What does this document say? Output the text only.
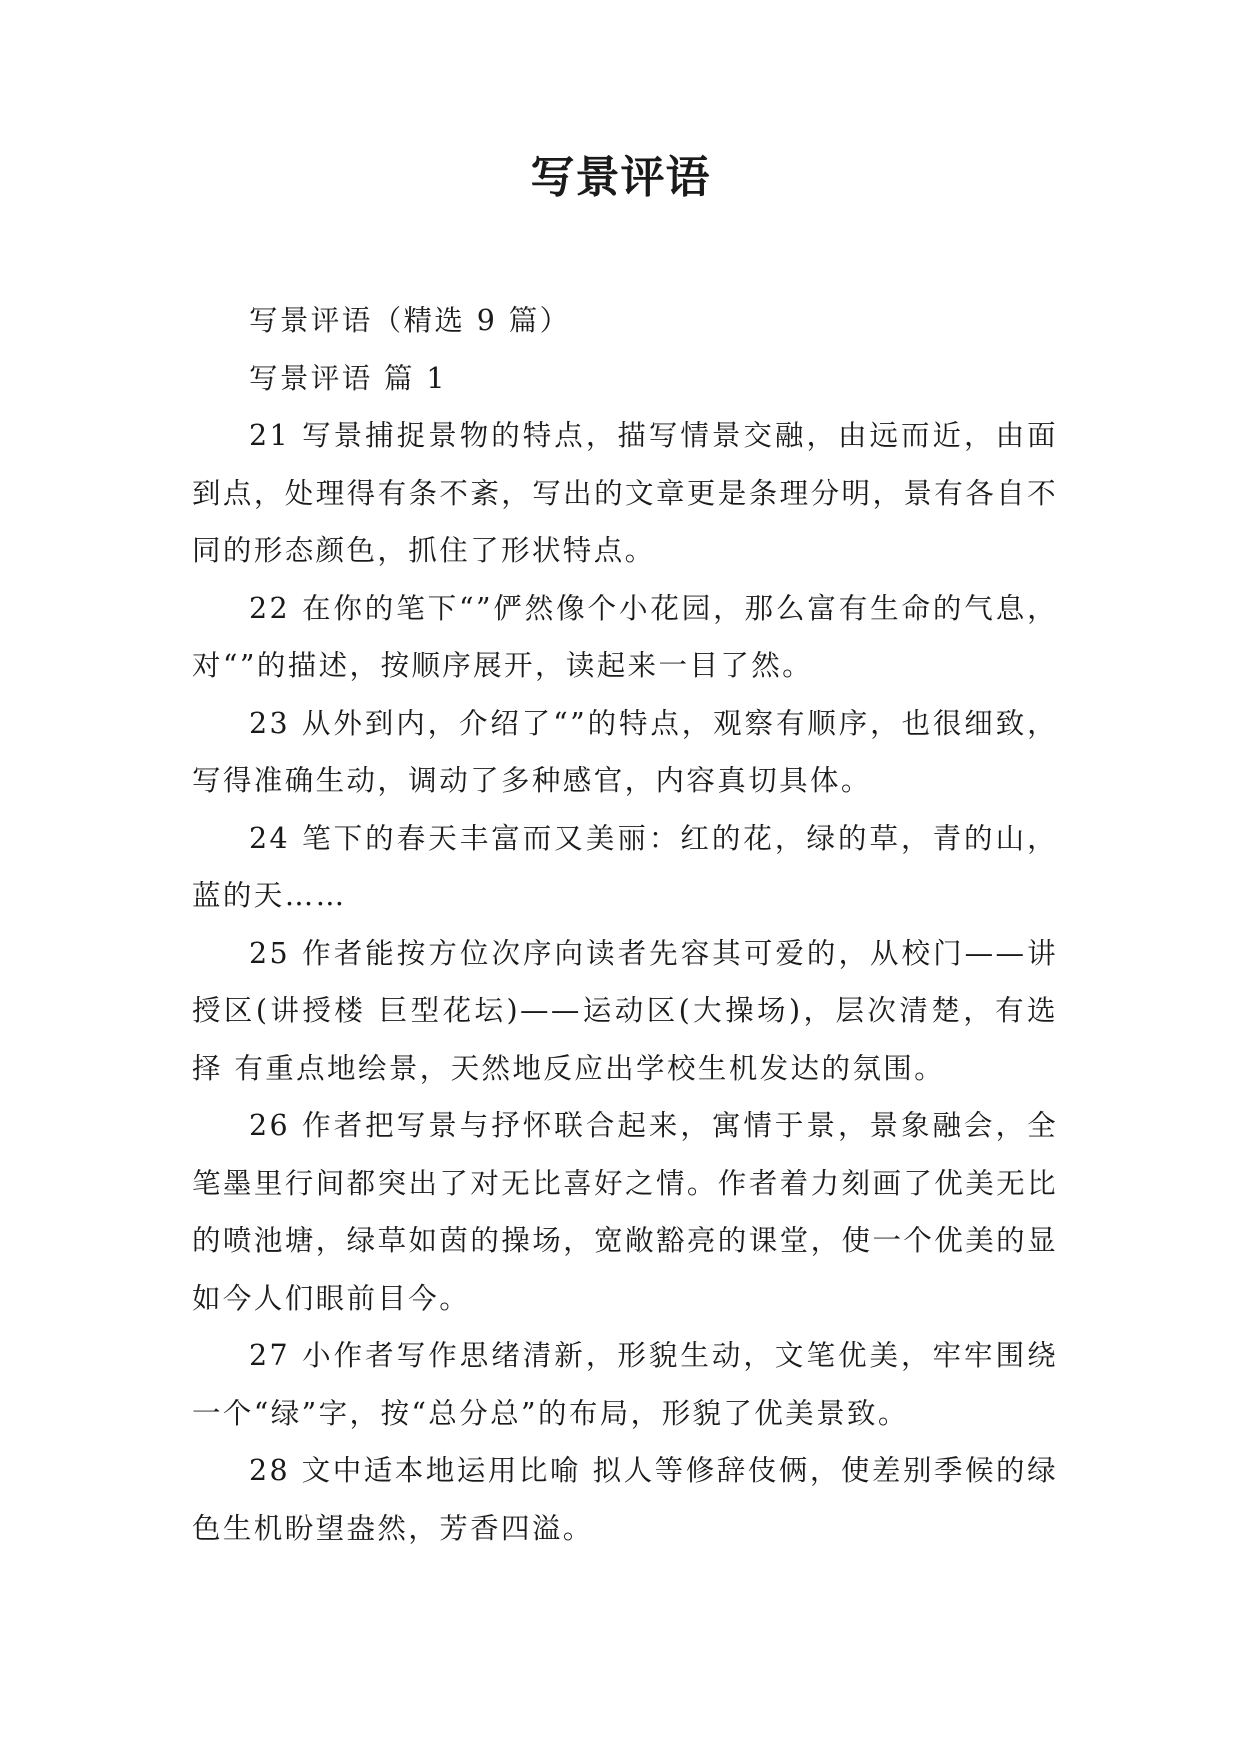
写景评语

写景评语（精选 9 篇）

写景评语 篇 1

21 写景捕捉景物的特点，描写情景交融，由远而近，由面到点，处理得有条不紊，写出的文章更是条理分明，景有各自不同的形态颜色，抓住了形状特点。

22 在你的笔下“”俨然像个小花园，那么富有生命的气息，对“”的描述，按顺序展开，读起来一目了然。

23 从外到内，介绍了“”的特点，观察有顺序，也很细致，写得准确生动，调动了多种感官，内容真切具体。

24 笔下的春天丰富而又美丽：红的花，绿的草，青的山，蓝的天……

25 作者能按方位次序向读者先容其可爱的，从校门——讲授区(讲授楼 巨型花坛)——运动区(大操场)，层次清楚，有选择 有重点地绘景，天然地反应出学校生机发达的氛围。

26 作者把写景与抒怀联合起来，寓情于景，景象融会，全笔墨里行间都突出了对无比喜好之情。作者着力刻画了优美无比的喷池塘，绿草如茵的操场，宽敞豁亮的课堂，使一个优美的显如今人们眼前目今。

27 小作者写作思绪清新，形貌生动，文笔优美，牢牢围绕一个“绿”字，按“总分总”的布局，形貌了优美景致。

28 文中适本地运用比喻 拟人等修辞伎俩，使差别季候的绿色生机盼望盎然，芳香四溢。
